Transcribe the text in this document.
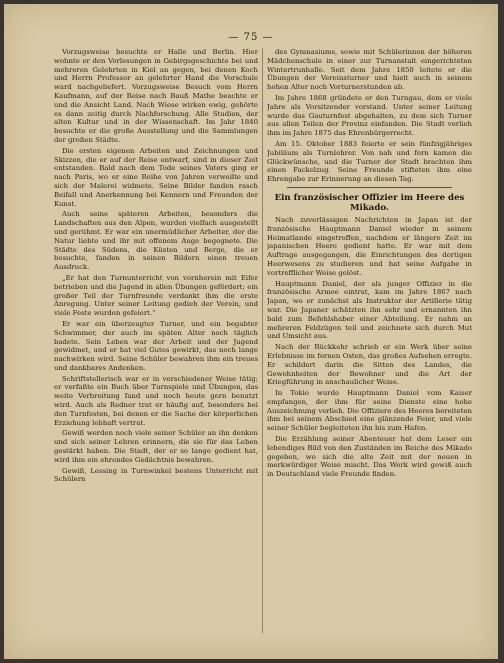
— 75 —

Vorzugsweise besuchte er Halle und Berlin. Hier wohnte er den Vorlesungen in Gebirgsgeschichte bei und mehreren Gelehrten in Kiel an gegen, bei denen Koch und Herrn Professor an gelehrter Hand die Vorschule ward nachgeliefert. Vorzugsweise Besuch vom Herrn Kaufmann, auf der Reise nach Bauß Mathe beachte er und die Ansicht Land. Nach Wiese wirken ewig, gehörte es dann zeitig durch Nachforschung. Alle Studien, der alten Kultur und in der Wissenschaft. Im Jahr 1840 besuchte er die große Ausstellung und die Sammlungen der großen Städte.

Die ersten eigenen Arbeiten und Zeichnungen und Skizzen, die er auf der Reise entwarf, sind in dieser Zeit entstanden. Bald nach dem Tode seines Vaters ging er nach Paris, wo er eine Reihe von Jahren verweilte und sich der Malerei widmete. Seine Bilder fanden rasch Beifall und Anerkennung bei Kennern und Freunden der Kunst.

Auch seine späteren Arbeiten, besonders die Landschaften aus den Alpen, wurden vielfach ausgestellt und gerühmt. Er war ein unermüdlicher Arbeiter, der die Natur liebte und ihr mit offenem Auge begegnete. Die Städte des Südens, die Küsten und Berge, die er besuchte, fanden in seinen Bildern einen treuen Ausdruck.

„Er hat den Turnunterricht von vornherein mit Eifer betrieben und die Jugend in allen Übungen gefördert; ein großer Teil der Turnfreunde verdankt ihm die erste Anregung. Unter seiner Leitung gedieh der Verein, und viele Feste wurden gefeiert.“

Er war ein überzeugter Turner, und ein begabter Schwimmer, der auch im späten Alter noch täglich badete. Sein Leben war der Arbeit und der Jugend gewidmet, und er hat viel Gutes gewirkt, das noch lange nachwirken wird. Seine Schüler bewahren ihm ein treues und dankbares Andenken.

Schriftstellerisch war er in verschiedener Weise tätig; er verfaßte ein Buch über Turnspiele und Übungen, das weite Verbreitung fand und noch heute gern benutzt wird. Auch als Redner trat er häufig auf, besonders bei den Turnfesten, bei denen er die Sache der körperlichen Erziehung lebhaft vertrat.

Gewiß werden noch viele seiner Schüler an ihn denken und sich seiner Lehren erinnern, die sie für das Leben gestärkt haben. Die Stadt, der er so lange gedient hat, wird ihm ein ehrendes Gedächtnis bewahren.

Gewiß, Lessing in Turnwinkel bestens Unterricht mit Schülern

des Gymnasiums, sowie mit Schülerinnen der höheren Mädchenschule in einer zur Turnanstalt eingerichteten Wintertrunhalle. Seit dem Jahre 1850 leitete er die Übungen der Vereinsturner und hielt auch in seinem hohen Alter noch Vorturnerstunden ab.

Im Jahre 1868 gründete er den Turngau, dem er viele Jahre als Vorsitzender vorstand. Unter seiner Leitung wurde das Gauturnfest abgehalten, zu dem sich Turner aus allen Teilen der Provinz einfanden. Die Stadt verlieh ihm im Jahre 1875 das Ehrenbürgerrecht.

Am 15. Oktober 1883 feierte er sein fünfzigjähriges Jubiläum als Turnlehrer. Von nah und fern kamen die Glückwünsche, und die Turner der Stadt brachten ihm einen Fackelzug. Seine Freunde stifteten ihm eine Ehrengabe zur Erinnerung an diesen Tag.

Ein französischer Offizier im Heere des Mikado.

Nach zuverlässigen Nachrichten in Japan ist der französische Hauptmann Daniel wieder in seinem Heimatlande eingetroffen, nachdem er längere Zeit im japanischen Heere gedient hatte. Er war mit dem Auftrage ausgegangen, die Einrichtungen des dortigen Heerwesens zu studieren und hat seine Aufgabe in vortrefflicher Weise gelöst.

Hauptmann Daniel, der als junger Offizier in die französische Armee eintrat, kam im Jahre 1867 nach Japan, wo er zunächst als Instruktor der Artillerie tätig war. Die Japaner schätzten ihn sehr und ernannten ihn bald zum Befehlshaber einer Abteilung. Er nahm an mehreren Feldzügen teil und zeichnete sich durch Mut und Umsicht aus.

Nach der Rückkehr schrieb er ein Werk über seine Erlebnisse im fernen Osten, das großes Aufsehen erregte. Er schildert darin die Sitten des Landes, die Gewohnheiten der Bewohner und die Art der Kriegführung in anschaulicher Weise.

In Tokio wurde Hauptmann Daniel vom Kaiser empfangen, der ihm für seine Dienste eine hohe Auszeichnung verlieh. Die Offiziere des Heeres bereiteten ihm bei seinem Abschied eine glänzende Feier, und viele seiner Schüler begleiteten ihn bis zum Hafen.

Die Erzählung seiner Abenteuer hat dem Leser ein lebendiges Bild von den Zuständen im Reiche des Mikado gegeben, wo sich die alte Zeit mit der neuen in merkwürdiger Weise mischt. Das Werk wird gewiß auch in Deutschland viele Freunde finden.
